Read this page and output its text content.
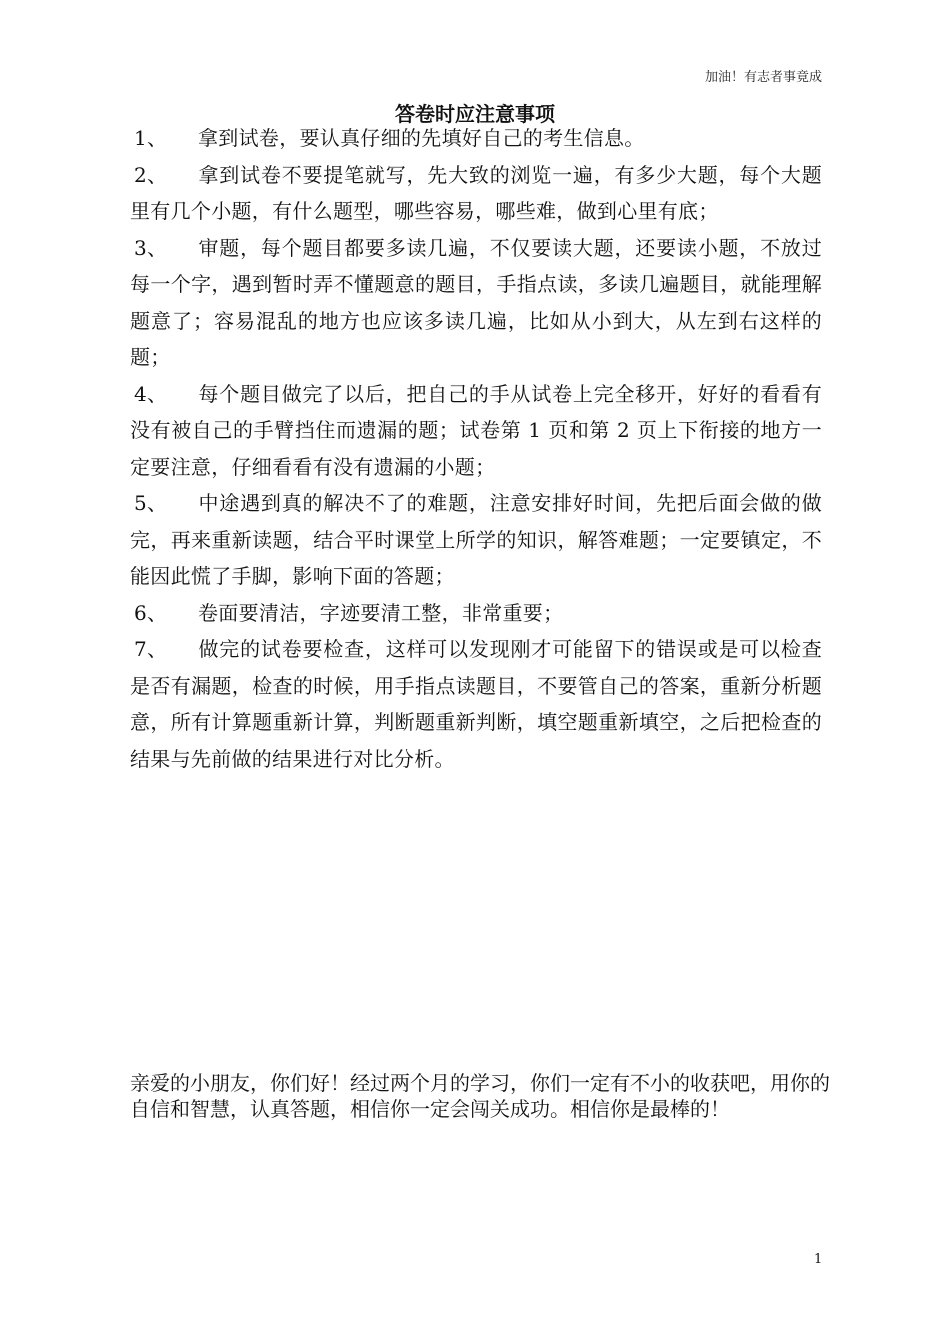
加油！有志者事竟成
答卷时应注意事项

1、 拿到试卷，要认真仔细的先填好自己的考生信息。

2、 拿到试卷不要提笔就写，先大致的浏览一遍，有多少大题，每个大题里有几个小题，有什么题型，哪些容易，哪些难，做到心里有底；

3、 审题，每个题目都要多读几遍，不仅要读大题，还要读小题，不放过每一个字，遇到暂时弄不懂题意的题目，手指点读，多读几遍题目，就能理解题意了；容易混乱的地方也应该多读几遍，比如从小到大，从左到右这样的题；

4、 每个题目做完了以后，把自己的手从试卷上完全移开，好好的看看有没有被自己的手臂挡住而遗漏的题；试卷第 1 页和第 2 页上下衔接的地方一定要注意，仔细看看有没有遗漏的小题；

5、 中途遇到真的解决不了的难题，注意安排好时间，先把后面会做的做完，再来重新读题，结合平时课堂上所学的知识，解答难题；一定要镇定，不能因此慌了手脚，影响下面的答题；

6、 卷面要清洁，字迹要清工整，非常重要；

7、 做完的试卷要检查，这样可以发现刚才可能留下的错误或是可以检查是否有漏题，检查的时候，用手指点读题目，不要管自己的答案，重新分析题意，所有计算题重新计算，判断题重新判断，填空题重新填空，之后把检查的结果与先前做的结果进行对比分析。

亲爱的小朋友，你们好！经过两个月的学习，你们一定有不小的收获吧，用你的自信和智慧，认真答题，相信你一定会闯关成功。相信你是最棒的！
1
